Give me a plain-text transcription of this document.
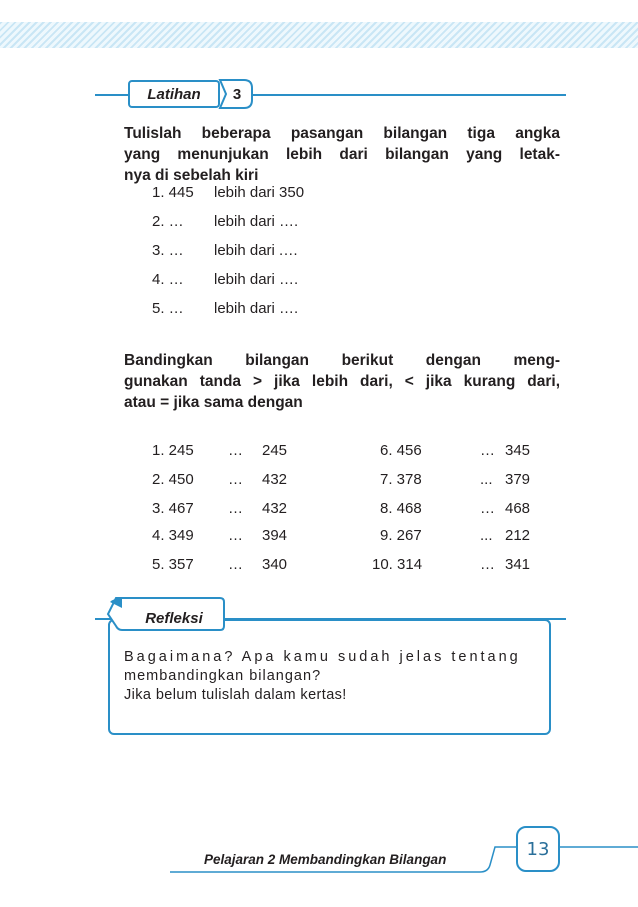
Latihan	3
Tulislah beberapa pasangan bilangan tiga angka
yang menunjukan lebih dari bilangan yang letak-
nya di sebelah kiri
1. 445 lebih dari 350
2. … lebih dari ….
3. … lebih dari .…
4. … lebih dari ….
5. … lebih dari ….
Bandingkan bilangan berikut dengan meng-
gunakan tanda > jika lebih dari, < jika kurang dari,
atau = jika sama dengan
1. 245 … 245	6. 456	… 345
2. 450 … 432	7. 378	... 379
3. 467 … 432	8. 468	… 468
4. 349 … 394	9. 267	... 212
5. 357 … 340	10. 314	… 341
Refleksi
Bagaimana? Apa kamu sudah jelas tentang
membandingkan bilangan?
Jika belum tulislah dalam kertas!
Pelajaran 2 Membandingkan Bilangan	13
